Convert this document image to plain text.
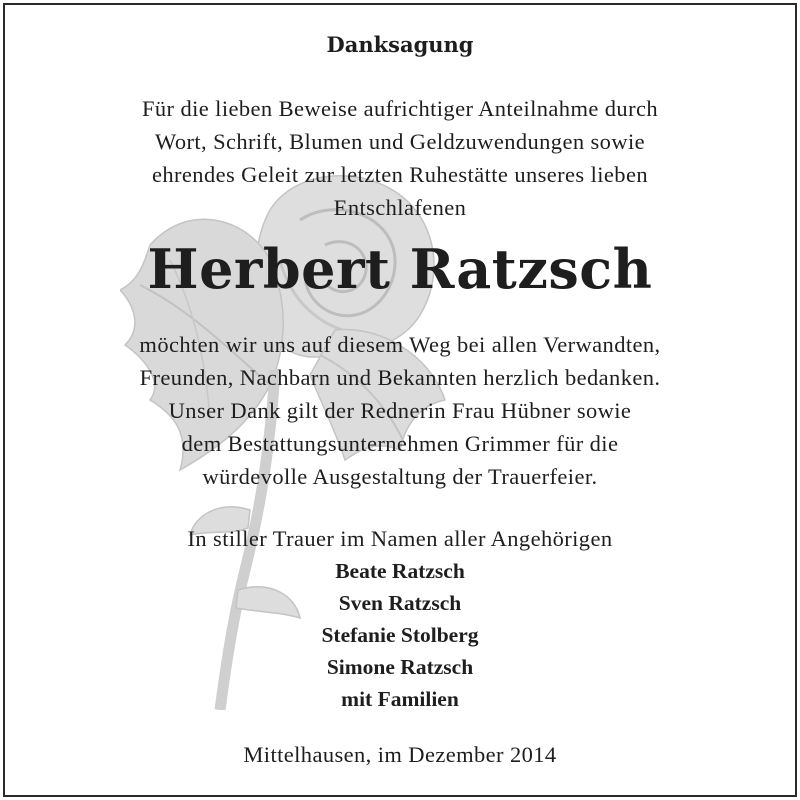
Danksagung
Für die lieben Beweise aufrichtiger Anteilnahme durch
Wort, Schrift, Blumen und Geldzuwendungen sowie
ehrendes Geleit zur letzten Ruhestätte unseres lieben
Entschlafenen
Herbert Ratzsch
möchten wir uns auf diesem Weg bei allen Verwandten,
Freunden, Nachbarn und Bekannten herzlich bedanken.
Unser Dank gilt der Rednerin Frau Hübner sowie
dem Bestattungsunternehmen Grimmer für die
würdevolle Ausgestaltung der Trauerfeier.
In stiller Trauer im Namen aller Angehörigen
Beate Ratzsch
Sven Ratzsch
Stefanie Stolberg
Simone Ratzsch
mit Familien
Mittelhausen, im Dezember 2014
